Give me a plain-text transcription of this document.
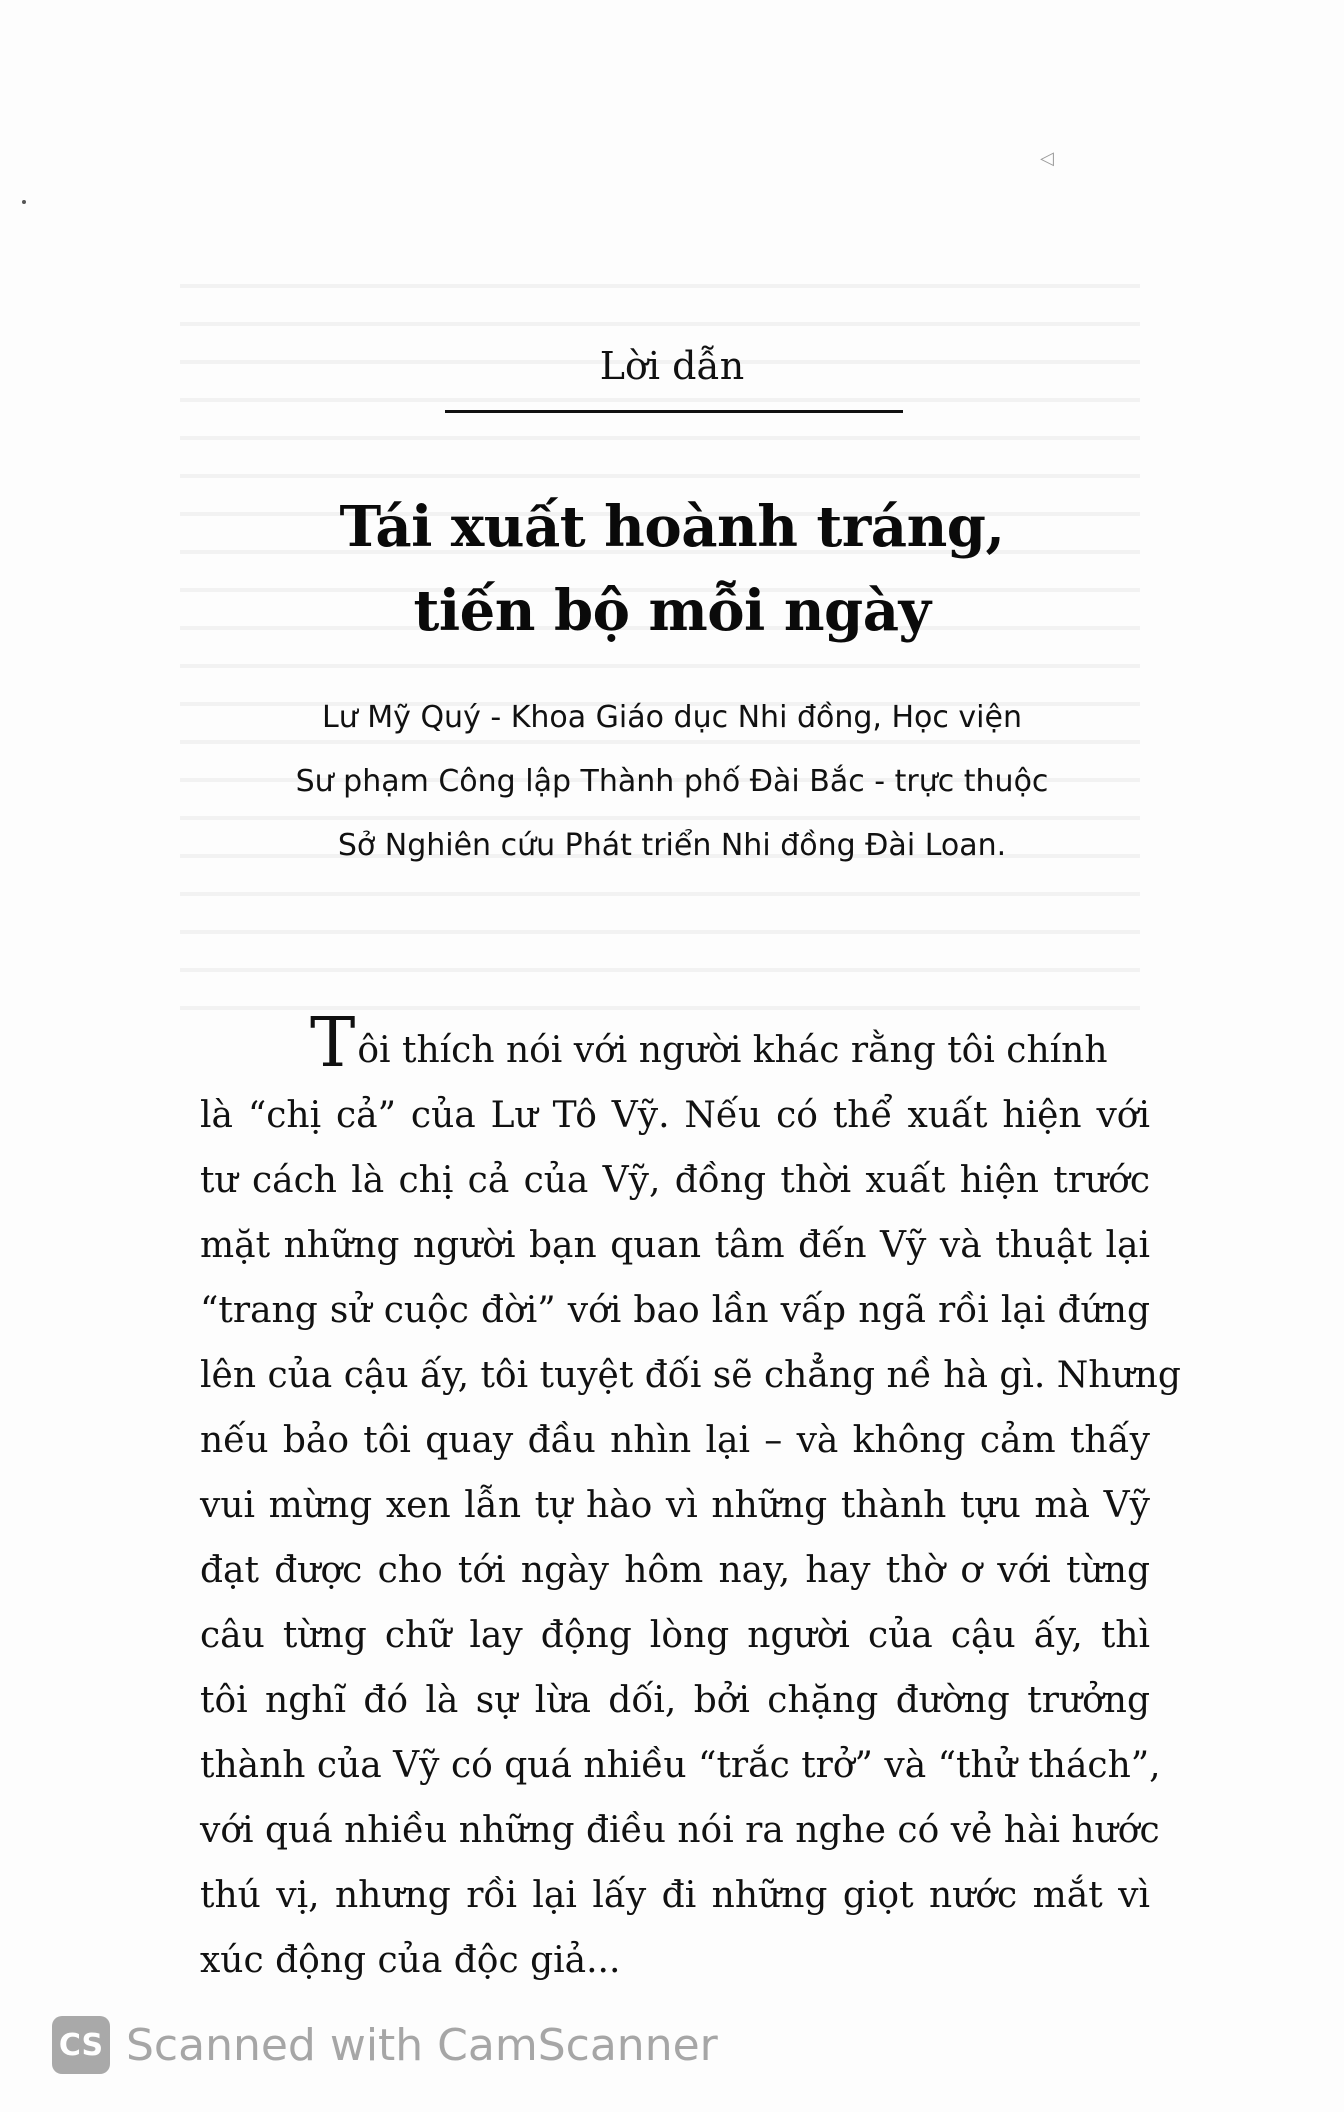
◁
Lời dẫn
Tái xuất hoành tráng,
tiến bộ mỗi ngày
Lư Mỹ Quý - Khoa Giáo dục Nhi đồng, Học viện
Sư phạm Công lập Thành phố Đài Bắc - trực thuộc
Sở Nghiên cứu Phát triển Nhi đồng Đài Loan.
Tôi thích nói với người khác rằng tôi chính
là “chị cả” của Lư Tô Vỹ. Nếu có thể xuất hiện với
tư cách là chị cả của Vỹ, đồng thời xuất hiện trước
mặt những người bạn quan tâm đến Vỹ và thuật lại
“trang sử cuộc đời” với bao lần vấp ngã rồi lại đứng
lên của cậu ấy, tôi tuyệt đối sẽ chẳng nề hà gì. Nhưng
nếu bảo tôi quay đầu nhìn lại – và không cảm thấy
vui mừng xen lẫn tự hào vì những thành tựu mà Vỹ
đạt được cho tới ngày hôm nay, hay thờ ơ với từng
câu từng chữ lay động lòng người của cậu ấy, thì
tôi nghĩ đó là sự lừa dối, bởi chặng đường trưởng
thành của Vỹ có quá nhiều “trắc trở” và “thử thách”,
với quá nhiều những điều nói ra nghe có vẻ hài hước
thú vị, nhưng rồi lại lấy đi những giọt nước mắt vì
xúc động của độc giả...
CS Scanned with CamScanner
